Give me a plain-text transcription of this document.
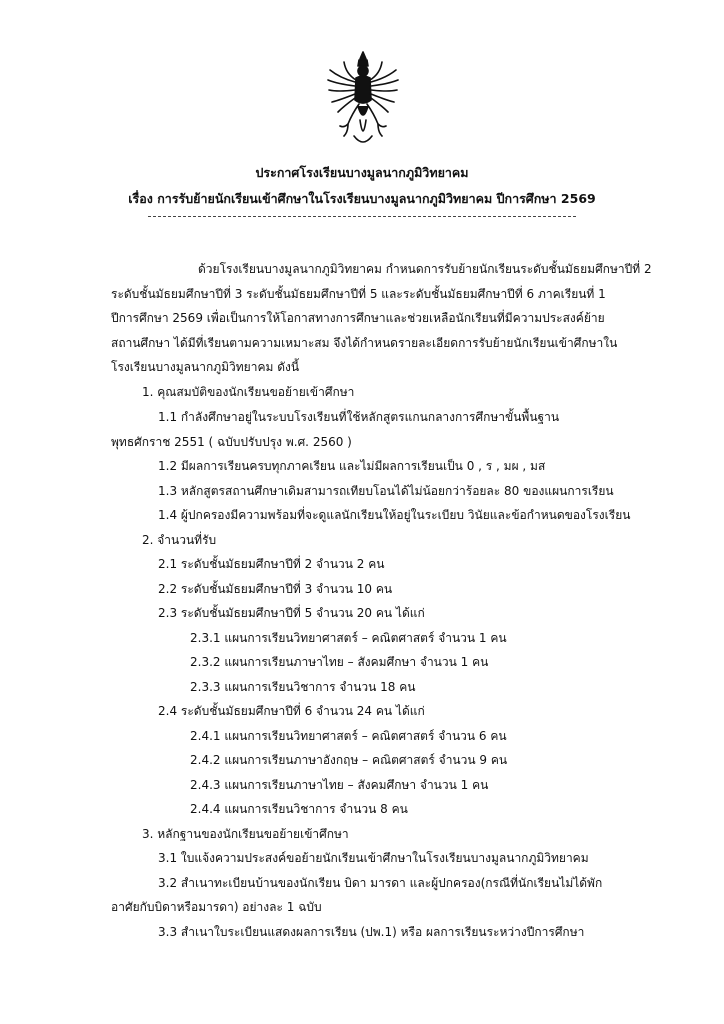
ประกาศโรงเรียนบางมูลนากภูมิวิทยาคม
เรื่อง การรับย้ายนักเรียนเข้าศึกษาในโรงเรียนบางมูลนากภูมิวิทยาคม ปีการศึกษา 2569
ด้วยโรงเรียนบางมูลนากภูมิวิทยาคม กำหนดการรับย้ายนักเรียนระดับชั้นมัธยมศึกษาปีที่ 2
ระดับชั้นมัธยมศึกษาปีที่ 3 ระดับชั้นมัธยมศึกษาปีที่ 5 และระดับชั้นมัธยมศึกษาปีที่ 6 ภาคเรียนที่ 1
ปีการศึกษา 2569 เพื่อเป็นการให้โอกาสทางการศึกษาและช่วยเหลือนักเรียนที่มีความประสงค์ย้าย
สถานศึกษา ได้มีที่เรียนตามความเหมาะสม จึงได้กำหนดรายละเอียดการรับย้ายนักเรียนเข้าศึกษาใน
โรงเรียนบางมูลนากภูมิวิทยาคม ดังนี้
1. คุณสมบัติของนักเรียนขอย้ายเข้าศึกษา
1.1 กำลังศึกษาอยู่ในระบบโรงเรียนที่ใช้หลักสูตรแกนกลางการศึกษาขั้นพื้นฐาน
พุทธศักราช 2551 ( ฉบับปรับปรุง พ.ศ. 2560 )
1.2 มีผลการเรียนครบทุกภาคเรียน และไม่มีผลการเรียนเป็น 0 , ร , มผ , มส
1.3 หลักสูตรสถานศึกษาเดิมสามารถเทียบโอนได้ไม่น้อยกว่าร้อยละ 80 ของแผนการเรียน
1.4 ผู้ปกครองมีความพร้อมที่จะดูแลนักเรียนให้อยู่ในระเบียบ วินัยและข้อกำหนดของโรงเรียน
2. จำนวนที่รับ
2.1 ระดับชั้นมัธยมศึกษาปีที่ 2 จำนวน 2 คน
2.2 ระดับชั้นมัธยมศึกษาปีที่ 3 จำนวน 10 คน
2.3 ระดับชั้นมัธยมศึกษาปีที่ 5 จำนวน 20 คน ได้แก่
2.3.1 แผนการเรียนวิทยาศาสตร์ – คณิตศาสตร์ จำนวน 1 คน
2.3.2 แผนการเรียนภาษาไทย – สังคมศึกษา จำนวน 1 คน
2.3.3 แผนการเรียนวิชาการ จำนวน 18 คน
2.4 ระดับชั้นมัธยมศึกษาปีที่ 6 จำนวน 24 คน ได้แก่
2.4.1 แผนการเรียนวิทยาศาสตร์ – คณิตศาสตร์ จำนวน 6 คน
2.4.2 แผนการเรียนภาษาอังกฤษ – คณิตศาสตร์ จำนวน 9 คน
2.4.3 แผนการเรียนภาษาไทย – สังคมศึกษา จำนวน 1 คน
2.4.4 แผนการเรียนวิชาการ จำนวน 8 คน
3. หลักฐานของนักเรียนขอย้ายเข้าศึกษา
3.1 ใบแจ้งความประสงค์ขอย้ายนักเรียนเข้าศึกษาในโรงเรียนบางมูลนากภูมิวิทยาคม
3.2 สำเนาทะเบียนบ้านของนักเรียน บิดา มารดา และผู้ปกครอง(กรณีที่นักเรียนไม่ได้พัก
อาศัยกับบิดาหรือมารดา) อย่างละ 1 ฉบับ
3.3 สำเนาใบระเบียนแสดงผลการเรียน (ปพ.1) หรือ ผลการเรียนระหว่างปีการศึกษา
